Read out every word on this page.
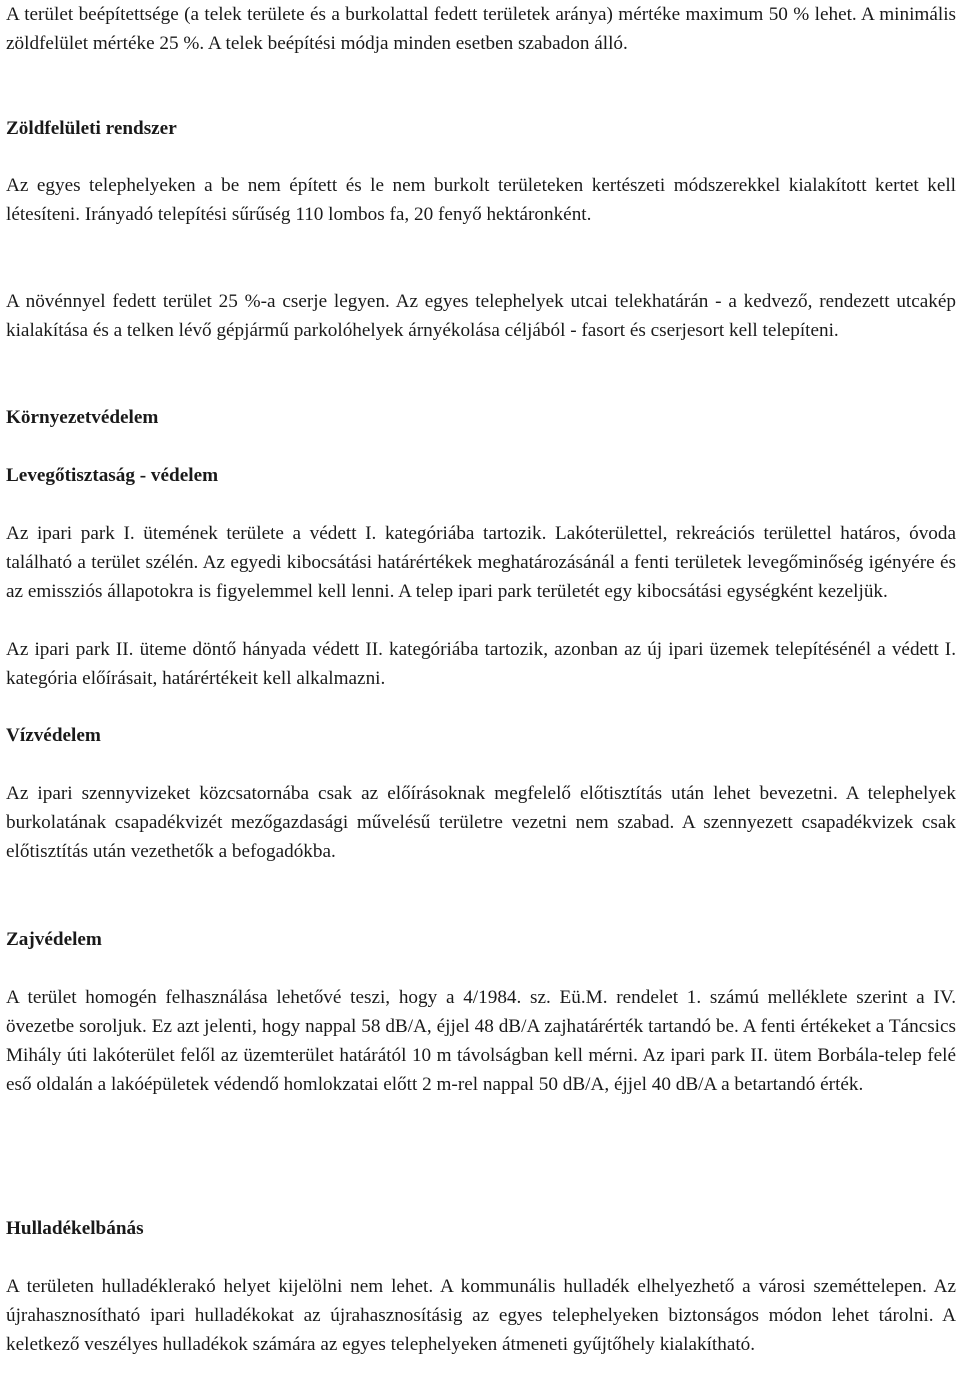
A terület beépítettsége (a telek területe és a burkolattal fedett területek aránya) mértéke maximum 50 % lehet. A minimális zöldfelület mértéke 25 %. A telek beépítési módja minden esetben szabadon álló.

Zöldfelületi rendszer

Az egyes telephelyeken a be nem épített és le nem burkolt területeken kertészeti módszerekkel kialakított kertet kell létesíteni. Irányadó telepítési sűrűség 110 lombos fa, 20 fenyő hektáronként.

A növénnyel fedett terület 25 %-a cserje legyen. Az egyes telephelyek utcai telekhatárán - a kedvező, rendezett utcakép kialakítása és a telken lévő gépjármű parkolóhelyek árnyékolása céljából - fasort és cserjesort kell telepíteni.

Környezetvédelem
Levegőtisztaság - védelem

Az ipari park I. ütemének területe a védett I. kategóriába tartozik. Lakóterülettel, rekreációs területtel határos, óvoda található a terület szélén. Az egyedi kibocsátási határértékek meghatározásánál a fenti területek levegőminőség igényére és az emissziós állapotokra is figyelemmel kell lenni. A telep ipari park területét egy kibocsátási egységként kezeljük.

Az ipari park II. üteme döntő hányada védett II. kategóriába tartozik, azonban az új ipari üzemek telepítésénél a védett I. kategória előírásait, határértékeit kell alkalmazni.

Vízvédelem

Az ipari szennyvizeket közcsatornába csak az előírásoknak megfelelő előtisztítás után lehet bevezetni. A telephelyek burkolatának csapadékvizét mezőgazdasági művelésű területre vezetni nem szabad. A szennyezett csapadékvizek csak előtisztítás után vezethetők a befogadókba.

Zajvédelem

A terület homogén felhasználása lehetővé teszi, hogy a 4/1984. sz. Eü.M. rendelet 1. számú melléklete szerint a IV. övezetbe soroljuk. Ez azt jelenti, hogy nappal 58 dB/A, éjjel 48 dB/A zajhatárérték tartandó be. A fenti értékeket a Táncsics Mihály úti lakóterület felől az üzemterület határától 10 m távolságban kell mérni. Az ipari park II. ütem Borbála-telep felé eső oldalán a lakóépületek védendő homlokzatai előtt 2 m-rel nappal 50 dB/A, éjjel 40 dB/A a betartandó érték.

Hulladékelbánás

A területen hulladéklerakó helyet kijelölni nem lehet. A kommunális hulladék elhelyezhető a városi szeméttelepen. Az újrahasznosítható ipari hulladékokat az újrahasznosításig az egyes telephelyeken biztonságos módon lehet tárolni. A keletkező veszélyes hulladékok számára az egyes telephelyeken átmeneti gyűjtőhely kialakítható.
